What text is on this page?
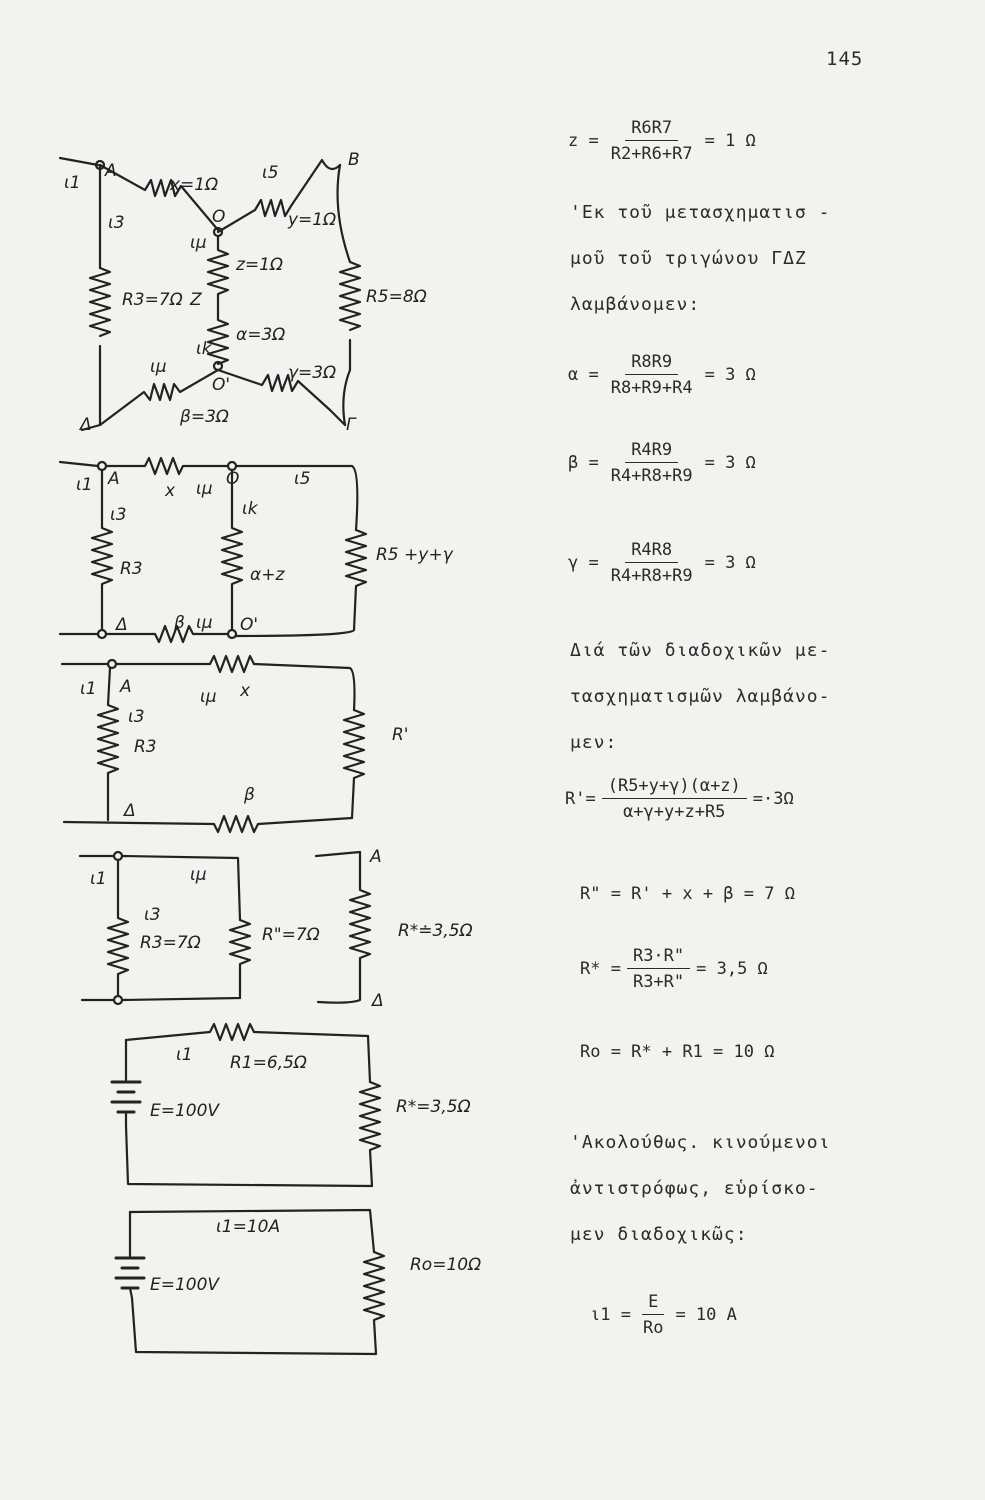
145
$z = \frac{R6R7}{R2+R6+R7} = 1$ Ω
'Εκ τοῦ μετασχηματισ -
μοῦ τοῦ τριγώνου ΓΔΖ
λαμβάνομεν:
$\alpha = \frac{R8R9}{R8+R9+R4} = 3$ Ω
$\beta = \frac{R4R9}{R4+R8+R9} = 3$ Ω
$\gamma = \frac{R4R8}{R4+R8+R9} = 3$ Ω
Διά τῶν διαδοχικῶν με-
τασχηματισμῶν λαμβάνο-
μεν:
$R'= \frac{(R5+y+\gamma)(\alpha+z)}{\alpha+\gamma+y+z+R5} =\cdot 3\Omega$
R" = R' + x + β = 7 Ω
$R* = \frac{R3\cdot R"}{R3+R"} = 3,5$ Ω
Ro = R* + R1 = 10 Ω
'Ακολούθως. κινούμενοι
ἀντιστρόφως, εὑρίσκο-
μεν διαδοχικῶς:
$\iota 1 = \frac{E}{Ro} = 10$ A
A
B
Γ
Δ
O
O'
Z
ι1
ι3
ι5
ιμ
ιk
ιμ
x=1Ω
y=1Ω
z=1Ω
α=3Ω
β=3Ω
γ=3Ω
R3=7Ω	R5=8Ω
A
Δ
O
O'
ι1
ι3
ι5
ιμ
ιk
ιμ
x
α+z
R3
R5 +y+γ
β
A
Δ
ι1
ι3
ιμ x
R3
R'
β
A
Δ
ι1
ι3
ιμ
R3=7Ω	R"=7Ω	R*≐3,5Ω
ι1 R1=6,5Ω
E=100V	R*=3,5Ω
ι1=10A
E=100V
Ro=10Ω
